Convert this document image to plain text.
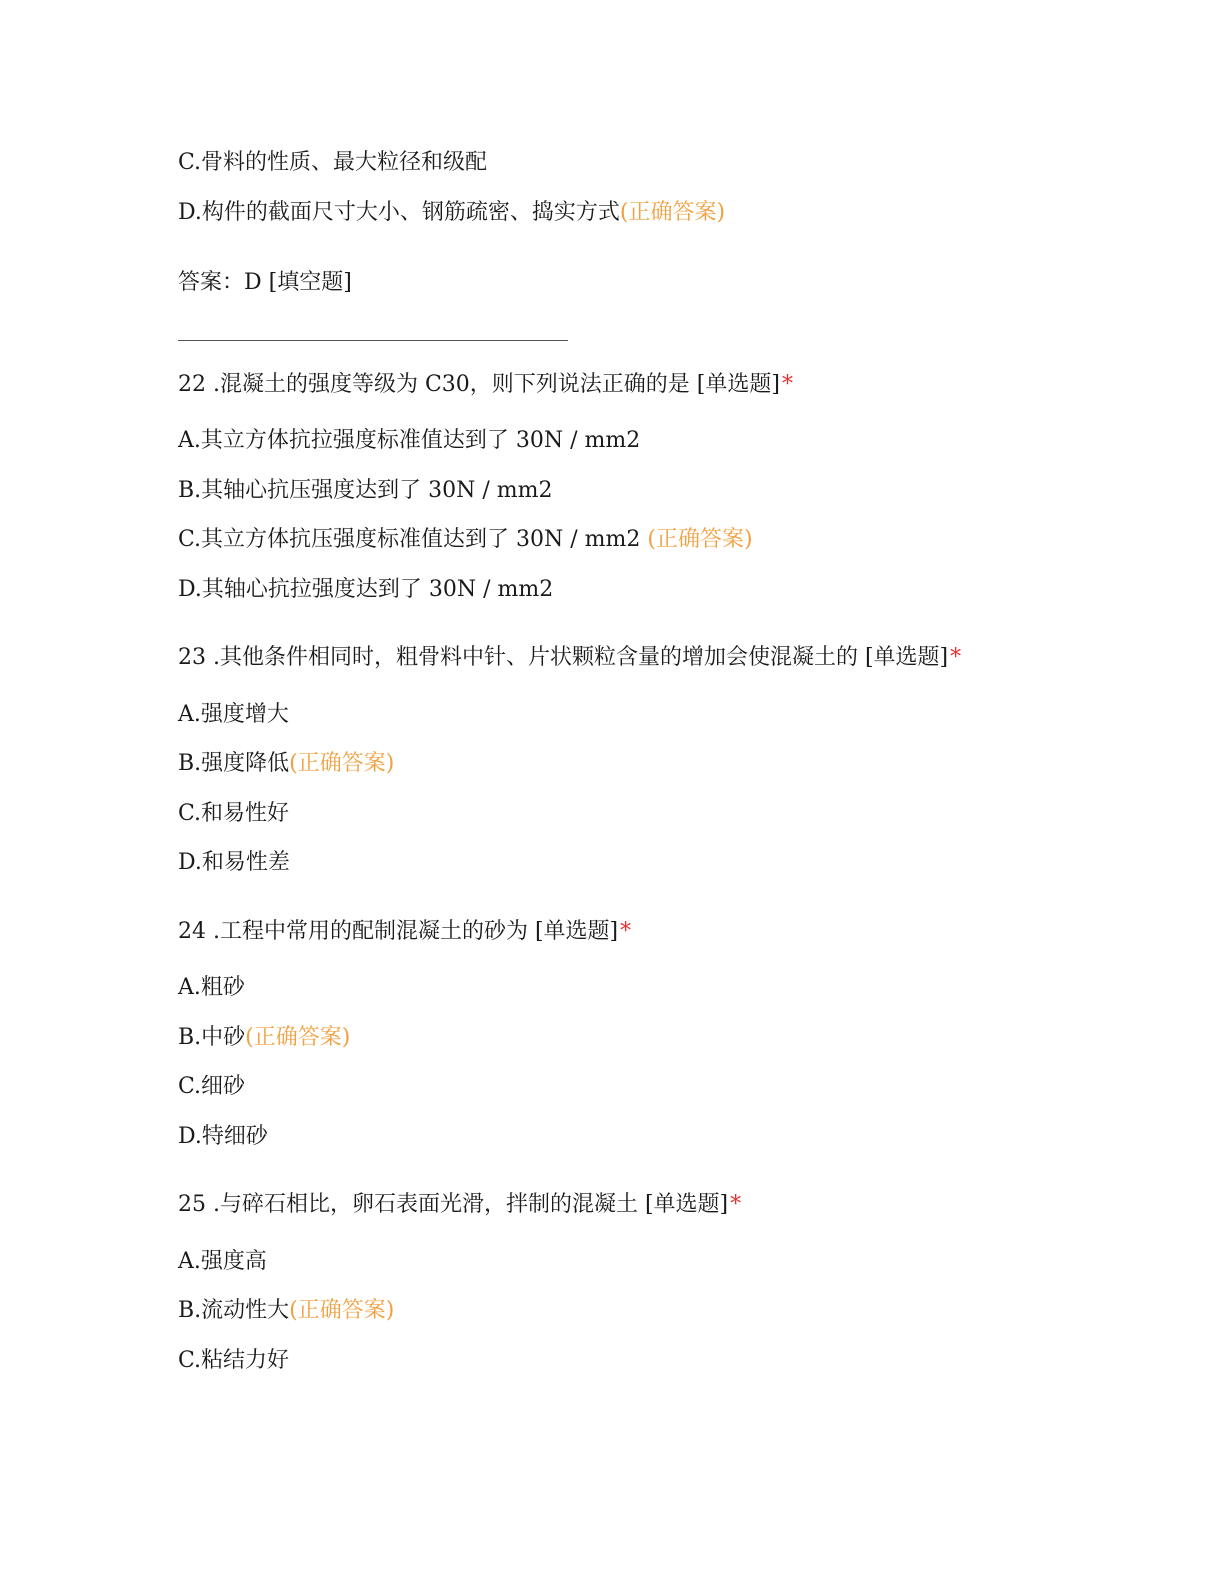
C.骨料的性质、最大粒径和级配
D.构件的截面尺寸大小、钢筋疏密、捣实方式(正确答案)
答案：D [填空题]
22 .混凝土的强度等级为 C30，则下列说法正确的是 [单选题]*
A.其立方体抗拉强度标准值达到了 30N / mm2
B.其轴心抗压强度达到了 30N / mm2
C.其立方体抗压强度标准值达到了 30N / mm2 (正确答案)
D.其轴心抗拉强度达到了 30N / mm2
23 .其他条件相同时，粗骨料中针、片状颗粒含量的增加会使混凝土的 [单选题]*
A.强度增大
B.强度降低(正确答案)
C.和易性好
D.和易性差
24 .工程中常用的配制混凝土的砂为 [单选题]*
A.粗砂
B.中砂(正确答案)
C.细砂
D.特细砂
25 .与碎石相比，卵石表面光滑，拌制的混凝土 [单选题]*
A.强度高
B.流动性大(正确答案)
C.粘结力好
